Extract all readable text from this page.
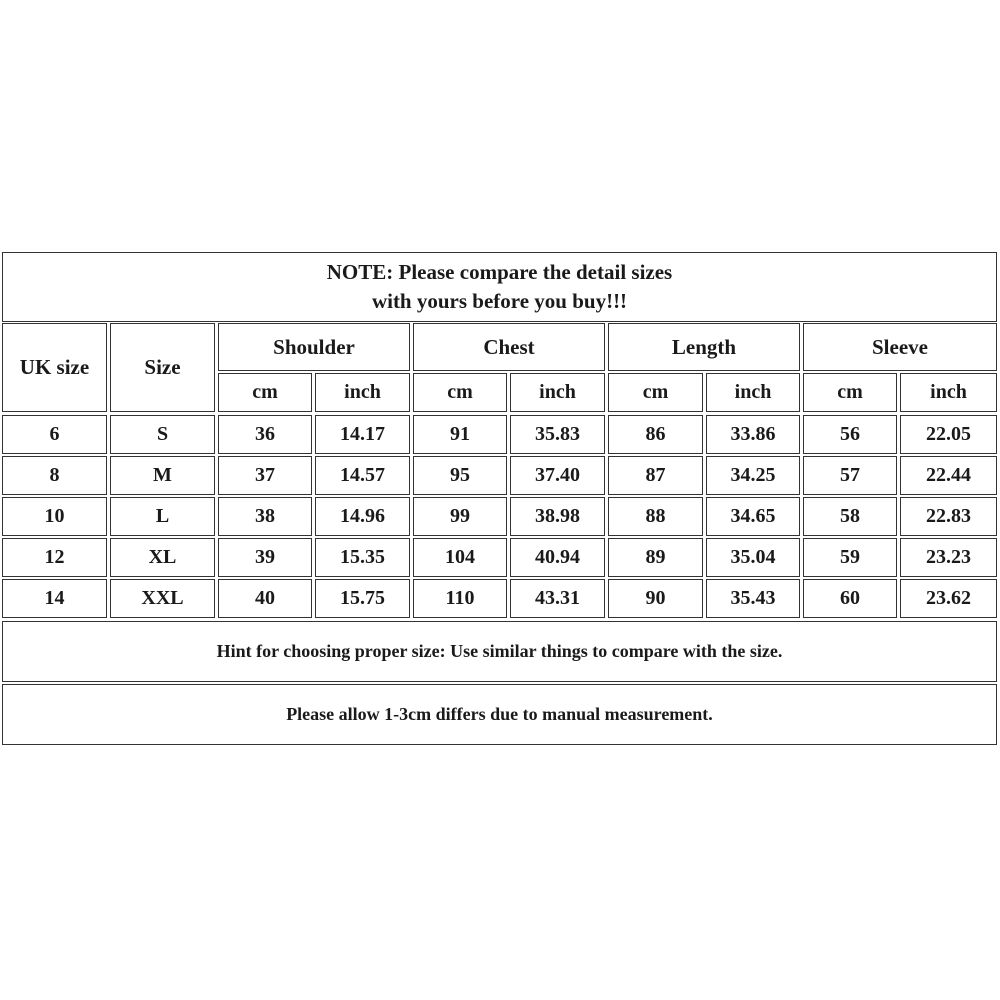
NOTE: Please compare the detail sizes
with yours before you buy!!!
UK size	Size
Shoulder	Chest	Length	Sleeve
cm	inch	cm	inch	cm	inch	cm	inch
6	S	36	14.17	91	35.83	86	33.86	56	22.05
8	M	37	14.57	95	37.40	87	34.25	57	22.44
10	L	38	14.96	99	38.98	88	34.65	58	22.83
12	XL	39	15.35	104	40.94	89	35.04	59	23.23
14	XXL	40	15.75	110	43.31	90	35.43	60	23.62
Hint for choosing proper size: Use similar things to compare with the size.
Please allow 1-3cm differs due to manual measurement.
